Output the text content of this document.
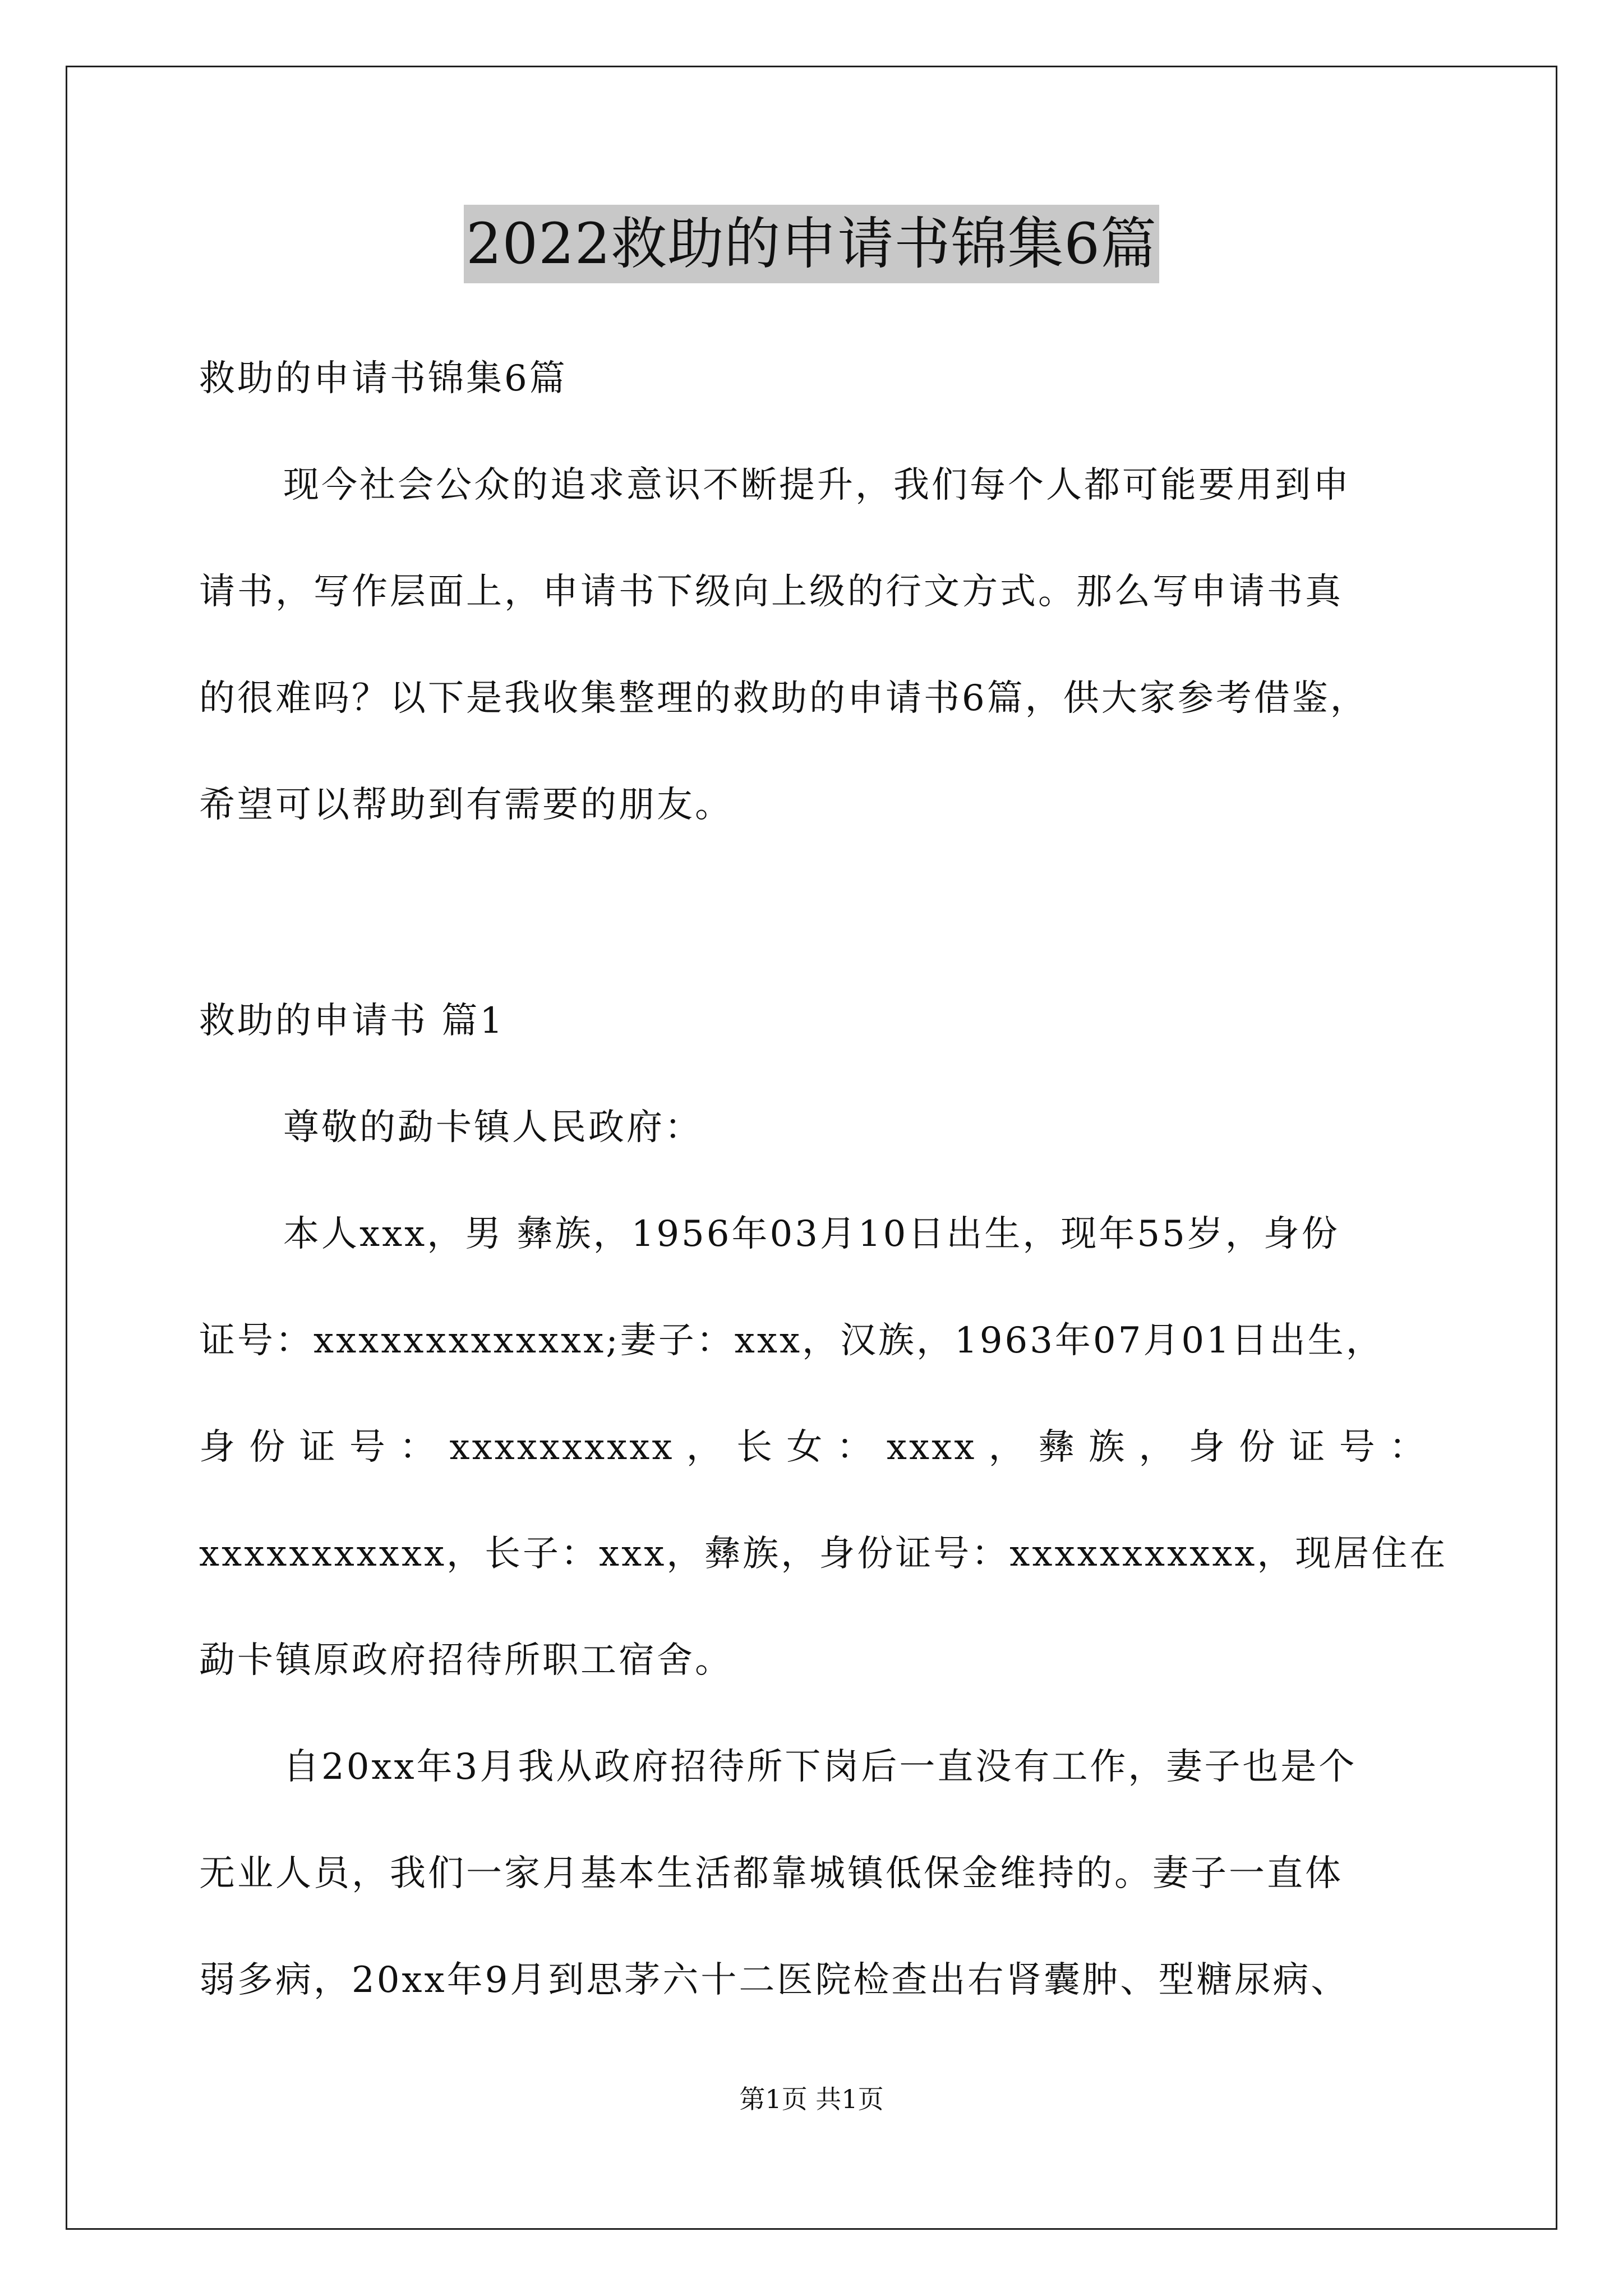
2022救助的申请书锦集6篇
救助的申请书锦集6篇
现今社会公众的追求意识不断提升，我们每个人都可能要用到申
请书，写作层面上，申请书下级向上级的行文方式。那么写申请书真
的很难吗？以下是我收集整理的救助的申请书6篇，供大家参考借鉴，
希望可以帮助到有需要的朋友。
救助的申请书 篇1
尊敬的勐卡镇人民政府：
本人xxx，男 彝族，1956年03月10日出生，现年55岁，身份
证号：xxxxxxxxxxxxx;妻子：xxx，汉族，1963年07月01日出生，
身份证号：xxxxxxxxxx，长女：xxxx，彝族，身份证号：
xxxxxxxxxxx，长子：xxx，彝族，身份证号：xxxxxxxxxxx，现居住在
勐卡镇原政府招待所职工宿舍。
自20xx年3月我从政府招待所下岗后一直没有工作，妻子也是个
无业人员，我们一家月基本生活都靠城镇低保金维持的。妻子一直体
弱多病，20xx年9月到思茅六十二医院检查出右肾囊肿、型糖尿病、
第1页 共1页
